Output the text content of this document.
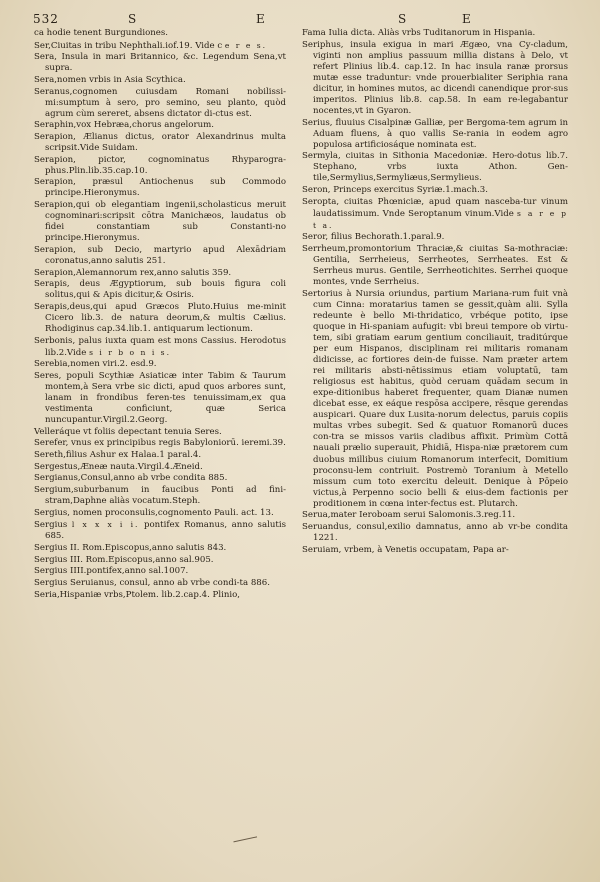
532	S	E	S	E

ca hodie tenent Burgundiones.

Ser,Ciuitas in tribu Nephthali.iof.19. Vide c e r e s.

Sera, Insula in mari Britannico, &c. Legendum Sena,vt supra.

Sera,nomen vrbis in Asia Scythica.

Seranus,cognomen cuiusdam Romani nobilissi-mi:sumptum à sero, pro semino, seu planto, quòd agrum cùm sereret, absens dictator di-ctus est.

Seraphin,vox Hebræa,chorus angelorum.

Serapion, Ælianus dictus, orator Alexandrinus multa scripsit.Vide Suidam.

Serapion, pictor, cognominatus Rhyparogra-phus.Plin.lib.35.cap.10.

Serapion, præsul Antiochenus sub Commodo principe.Hieronymus.

Serapion,qui ob elegantiam ingenii,scholasticus meruit cognominari:scripsit cōtra Manichæos, laudatus ob fidei constantiam sub Constanti-no principe.Hieronymus.

Serapion, sub Decio, martyrio apud Alexādriam coronatus,anno salutis 251.

Serapion,Alemannorum rex,anno salutis 359.

Serapis, deus Ægyptiorum, sub bouis figura coli solitus,qui & Apis dicitur,& Osiris.

Serapis,deus,qui apud Græcos Pluto.Huius me-minit Cicero lib.3. de natura deorum,& multis Cælius. Rhodiginus cap.34.lib.1. antiquarum lectionum.

Serbonis, palus iuxta quam est mons Cassius. Herodotus lib.2.Vide s i r b o n i s.

Serebia,nomen viri.2. esd.9.

Seres, populi Scythiæ Asiaticæ inter Tabim & Taurum montem,à Sera vrbe sic dicti, apud quos arbores sunt, lanam in frondibus feren-tes tenuissimam,ex qua vestimenta conficiunt, quæ Serica nuncupantur.Virgil.2.Georg.

Velleráque vt foliis depectant tenuia Seres.

Serefer, vnus ex principibus regis Babyloniorū. ieremi.39.

Sereth,filius Ashur ex Halaa.1 paral.4.

Sergestus,Æneæ nauta.Virgil.4.Æneid.

Sergianus,Consul,anno ab vrbe condita 885.

Sergium,suburbanum in faucibus Ponti ad fini-stram,Daphne aliàs vocatum.Steph.

Sergius, nomen proconsulis,cognomento Pauli. act. 13.

Sergius l x x x i i. pontifex Romanus, anno salutis 685.

Sergius II. Rom.Episcopus,anno salutis 843.

Sergius III. Rom.Episcopus,anno sal.905.

Sergius IIII.pontifex,anno sal.1007.

Sergius Seruianus, consul, anno ab vrbe condi-ta 886.

Seria,Hispaniæ vrbs,Ptolem. lib.2.cap.4. Plinio,

Fama Iulia dicta. Aliàs vrbs Tuditanorum in Hispania.

Seriphus, insula exigua in mari Ægæo, vna Cy-cladum, viginti non amplius passuum millia distans à Delo, vt refert Plinius lib.4. cap.12. In hac insula ranæ prorsus mutæ esse traduntur: vnde prouerbialiter Seriphia rana dicitur, in homines mutos, ac dicendi canendique pror-sus imperitos. Plinius lib.8. cap.58. In eam re-legabantur nocentes,vt in Gyaron.

Serius, fluuius Cisalpinæ Galliæ, per Bergoma-tem agrum in Aduam fluens, à quo vallis Se-rania in eodem agro populosa artificiosáque nominata est.

Sermyla, ciuitas in Sithonia Macedoniæ. Hero-dotus lib.7. Stephano, vrbs iuxta Athon. Gen-tile,Sermylius,Sermyliæus,Sermylieus.

Seron, Princeps exercitus Syriæ.1.mach.3.

Seropta, ciuitas Phœniciæ, apud quam nasceba-tur vinum laudatissimum. Vnde Seroptanum vinum.Vide s a r e p t a.

Seror, filius Bechorath.1.paral.9.

Serrheum,promontorium Thraciæ,& ciuitas Sa-mothraciæ: Gentilia, Serrheieus, Serrheotes, Serrheates. Est & Serrheus murus. Gentile, Serrheotichites. Serrhei quoque montes, vnde Serrheius.

Sertorius à Nursia oriundus, partium Mariana-rum fuit vnà cum Cinna: moratarius tamen se gessit,quàm alii. Sylla redeunte è bello Mi-thridatico, vrbéque potito, ipse quoque in Hi-spaniam aufugit: vbi breui tempore ob virtu-tem, sibi gratiam earum gentium conciliauit, traditúrque per eum Hispanos, disciplinam rei militaris romanam didicisse, ac fortiores dein-de fuisse. Nam præter artem rei militaris absti-nētissimus etiam voluptatū, tam religiosus est habitus, quòd ceruam quādam secum in expe-ditionibus haberet frequenter, quam Dianæ numen dicebat esse, ex eáque respōsa accipere, rēsque gerendas auspicari. Quare dux Lusita-norum delectus, paruis copiis multas vrbes subegit. Sed & quatuor Romanorū duces con-tra se missos variis cladibus affixit. Primùm Cottā nauali prælio superauit, Phidiā, Hispa-niæ prætorem cum duobus millibus ciuium Romanorum interfecit, Domitium proconsu-lem contriuit. Postremò Toranium à Metello missum cum toto exercitu deleuit. Denique à Pōpeio victus,à Perpenno socio belli & eius-dem factionis per proditionem in cœna inter-fectus est. Plutarch.

Serua,mater Ieroboam serui Salomonis.3.reg.11.

Seruandus, consul,exilio damnatus, anno ab vr-be condita 1221.

Seruiam, vrbem, à Venetis occupatam, Papa ar-
